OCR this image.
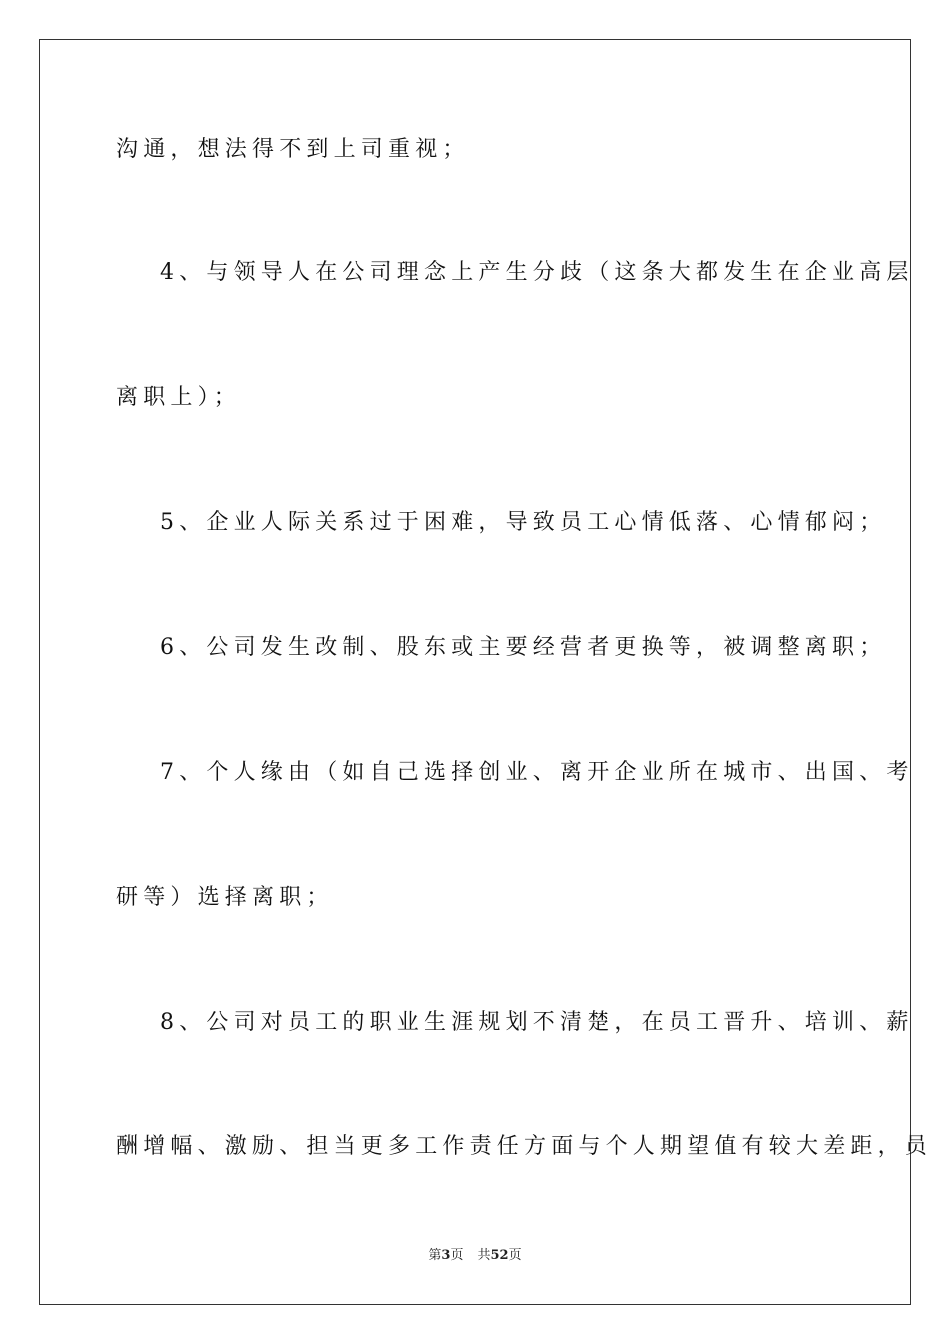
沟通，想法得不到上司重视；
4、与领导人在公司理念上产生分歧（这条大都发生在企业高层
离职上）；
5、企业人际关系过于困难，导致员工心情低落、心情郁闷；
6、公司发生改制、股东或主要经营者更换等，被调整离职；
7、个人缘由（如自己选择创业、离开企业所在城市、出国、考
研等）选择离职；
8、公司对员工的职业生涯规划不清楚，在员工晋升、培训、薪
酬增幅、激励、担当更多工作责任方面与个人期望值有较大差距，员
第3页 共52页
